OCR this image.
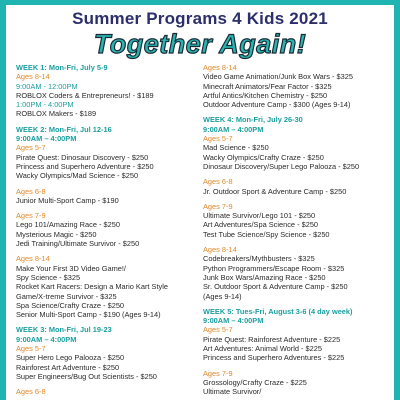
Summer Programs 4 Kids 2021
Together Again!
WEEK 1: Mon-Fri, July 5-9
Ages 8-14
9:00AM - 12:00PM
ROBLOX Coders & Entrepreneurs! - $189
1:00PM - 4:00PM
ROBLOX Makers - $189
WEEK 2: Mon-Fri, Jul 12-16
9:00AM – 4:00PM
Ages 5-7
Pirate Quest: Dinosaur Discovery - $250
Princess and Superhero Adventure - $250
Wacky Olympics/Mad Science - $250
Ages 6-8
Junior Multi-Sport Camp - $190
Ages 7-9
Lego 101/Amazing Race - $250
Mysterious Magic - $250
Jedi Training/Ultimate Survivor - $250
Ages 8-14
Make Your First 3D Video Game!/
Spy Science - $325
Rocket Kart Racers: Design a Mario Kart Style
Game/X-treme Survivor - $325
Spa Science/Crafty Craze - $250
Senior Multi-Sport Camp - $190 (Ages 9-14)
WEEK 3: Mon-Fri, Jul 19-23
9:00AM – 4:00PM
Ages 5-7
Super Hero Lego Palooza - $250
Rainforest Art Adventure - $250
Super Engineers/Bug Out Scientists - $250
Ages 6-8
Ages 8-14
Video Game Animation/Junk Box Wars - $325
Minecraft Animators/Fear Factor - $325
Artful Antics/Kitchen Chemistry - $250
Outdoor Adventure Camp - $300 (Ages 9-14)
WEEK 4: Mon-Fri, July 26-30
9:00AM – 4:00PM
Ages 5-7
Mad Science - $250
Wacky Olympics/Crafty Craze - $250
Dinosaur Discovery/Super Lego Palooza - $250
Ages 6-8
Jr. Outdoor Sport & Adventure Camp - $250
Ages 7-9
Ultimate Survivor/Lego 101 - $250
Art Adventures/Spa Science - $250
Test Tube Science/Spy Science - $250
Ages 8-14
Codebreakers/Mythbusters - $325
Python Programmers/Escape Room - $325
Junk Box Wars/Amazing Race - $250
Sr. Outdoor Sport & Adventure Camp - $250
(Ages 9-14)
WEEK 5: Tues-Fri, August 3-6 (4 day week)
9:00AM – 4:00PM
Ages 5-7
Pirate Quest: Rainforest Adventure - $225
Art Adventures: Animal World - $225
Princess and Superhero Adventures - $225
Ages 7-9
Grossology/Crafty Craze - $225
Ultimate Survivor/
